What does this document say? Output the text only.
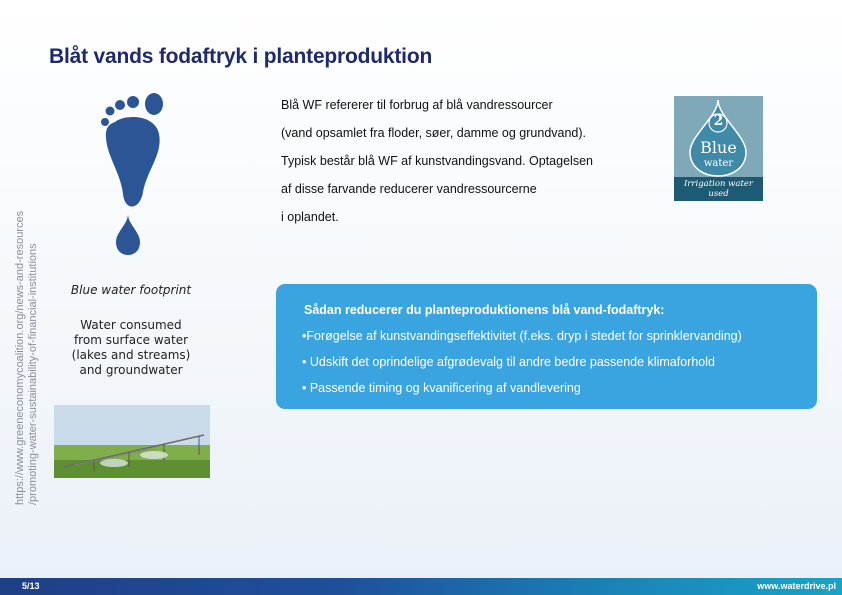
Blåt vands fodaftryk i planteproduktion
https://www.greeneconomycoalition.org/news-and-resources /promoting-water-sustainability-of-financial-institutions	Blue water footprint
Water consumed
from surface water
(lakes and streams)
and groundwater

Blå WF refererer til forbrug af blå vandressourcer

(vand opsamlet fra floder, søer, damme og grundvand).

Typisk består blå WF af kunstvandingsvand. Optagelsen

af disse farvande reducerer vandressourcerne

i oplandet.

2
Blue
water
Irrigation water
used
Sådan reducerer du planteproduktionens blå vand-fodaftryk:
•Forøgelse af kunstvandingseffektivitet (f.eks. dryp i stedet for sprinklervanding)
• Udskift det oprindelige afgrødevalg til andre bedre passende klimaforhold
• Passende timing og kvanificering af vandlevering
5/13	www.waterdrive.pl
